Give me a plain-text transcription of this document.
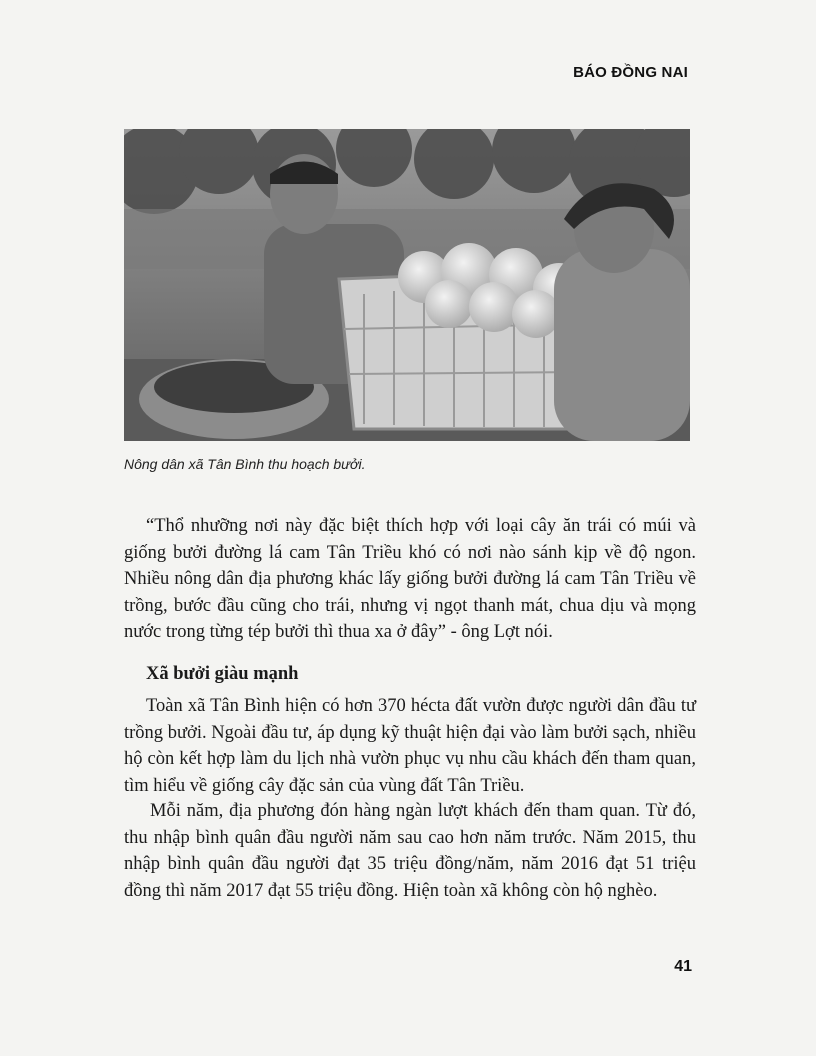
BÁO ĐỒNG NAI
Nông dân xã Tân Bình thu hoạch bưởi.

“Thổ nhưỡng nơi này đặc biệt thích hợp với loại cây ăn trái có múi và giống bưởi đường lá cam Tân Triều khó có nơi nào sánh kịp về độ ngon. Nhiều nông dân địa phương khác lấy giống bưởi đường lá cam Tân Triều về trồng, bước đầu cũng cho trái, nhưng vị ngọt thanh mát, chua dịu và mọng nước trong từng tép bưởi thì thua xa ở đây” - ông Lợt nói.

Xã bưởi giàu mạnh

Toàn xã Tân Bình hiện có hơn 370 hécta đất vườn được người dân đầu tư trồng bưởi. Ngoài đầu tư, áp dụng kỹ thuật hiện đại vào làm bưởi sạch, nhiều hộ còn kết hợp làm du lịch nhà vườn phục vụ nhu cầu khách đến tham quan, tìm hiểu về giống cây đặc sản của vùng đất Tân Triều.

Mỗi năm, địa phương đón hàng ngàn lượt khách đến tham quan. Từ đó, thu nhập bình quân đầu người năm sau cao hơn năm trước. Năm 2015, thu nhập bình quân đầu người đạt 35 triệu đồng/năm, năm 2016 đạt 51 triệu đồng thì năm 2017 đạt 55 triệu đồng. Hiện toàn xã không còn hộ nghèo.

41
